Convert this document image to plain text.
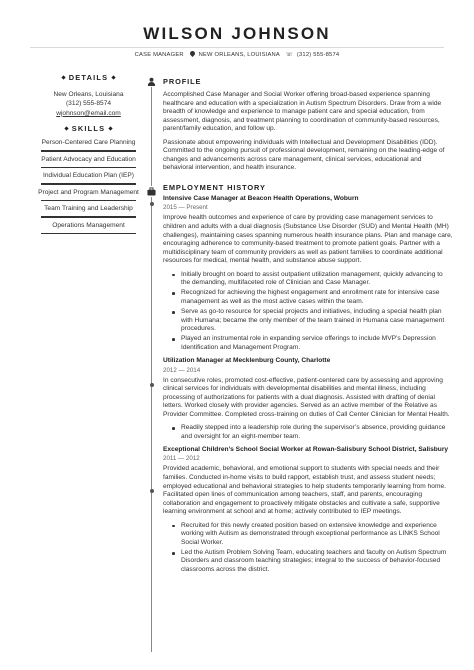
WILSON JOHNSON
CASE MANAGER	NEW ORLEANS, LOUISIANA ☏ (312) 555-8574
DETAILS
New Orleans, Louisiana
(312) 555-8574
wjohnson@email.com
SKILLS
Person-Centered Care Planning
Patient Advocacy and Education
Individual Education Plan (IEP)
Project and Program Management
Team Training and Leadership
Operations Management
PROFILE
Accomplished Case Manager and Social Worker offering broad-based experience spanning healthcare and education with a specialization in Autism Spectrum Disorders. Draw from a wide breadth of knowledge and experience to manage patient care and special education, from assessment, diagnosis, and treatment planning to coordination of community-based resources, parent/family education, and follow up.
Passionate about empowering individuals with Intellectual and Development Disabilities (IDD). Committed to the ongoing pursuit of professional development, remaining on the leading-edge of changes and advancements across care management, clinical services, educational and behavioral intervention, and health insurance.
EMPLOYMENT HISTORY
Intensive Case Manager at Beacon Health Operations, Woburn
2015 — Present
Improve health outcomes and experience of care by providing case management services to children and adults with a dual diagnosis (Substance Use Disorder (SUD) and Mental Health (MH) challenges), maintaining cases spanning numerous health insurance plans. Plan and manage care, encouraging adherence to community-based treatment to promote patient goals. Partner with a multidisciplinary team of community providers as well as patient families to coordinate additional resources for medical, mental health, and substance abuse support.
Initially brought on board to assist outpatient utilization management, quickly advancing to the demanding, multifaceted role of Clinician and Case Manager.
Recognized for achieving the highest engagement and enrollment rate for intensive case management as well as the most active cases within the team.
Serve as go-to resource for special projects and initiatives, including a special health plan with Humana; became the only member of the team trained in Humana case management procedures.
Played an instrumental role in expanding service offerings to include MVP’s Depression Identification and Management Program.
Utilization Manager at Mecklenburg County, Charlotte
2012 — 2014
In consecutive roles, promoted cost-effective, patient-centered care by assessing and approving clinical services for individuals with developmental disabilities and mental illness, including processing of authorizations for patients with a dual diagnosis. Assisted with drafting of denial letters. Worked closely with provider agencies. Served as an active member of the Relative as Provider Committee. Completed cross-training on duties of Call Center Clinician for Mental Health.
Readily stepped into a leadership role during the supervisor’s absence, providing guidance and oversight for an eight-member team.
Exceptional Children’s School Social Worker at Rowan-Salisbury School District, Salisbury
2011 — 2012
Provided academic, behavioral, and emotional support to students with special needs and their families. Conducted in-home visits to build rapport, establish trust, and assess student needs; employed educational and behavioral strategies to help students temporarily learning from home. Facilitated open lines of communication among teachers, staff, and parents, encouraging collaboration and engagement to proactively mitigate obstacles and cultivate a safe, supportive learning environment at school and at home; actively contributed to IEP meetings.
Recruited for this newly created position based on extensive knowledge and experience working with Autism as demonstrated through exceptional performance as LINKS School Social Worker.
Led the Autism Problem Solving Team, educating teachers and faculty on Autism Spectrum Disorders and classroom teaching strategies; integral to the success of behavior-focused classrooms across the district.
